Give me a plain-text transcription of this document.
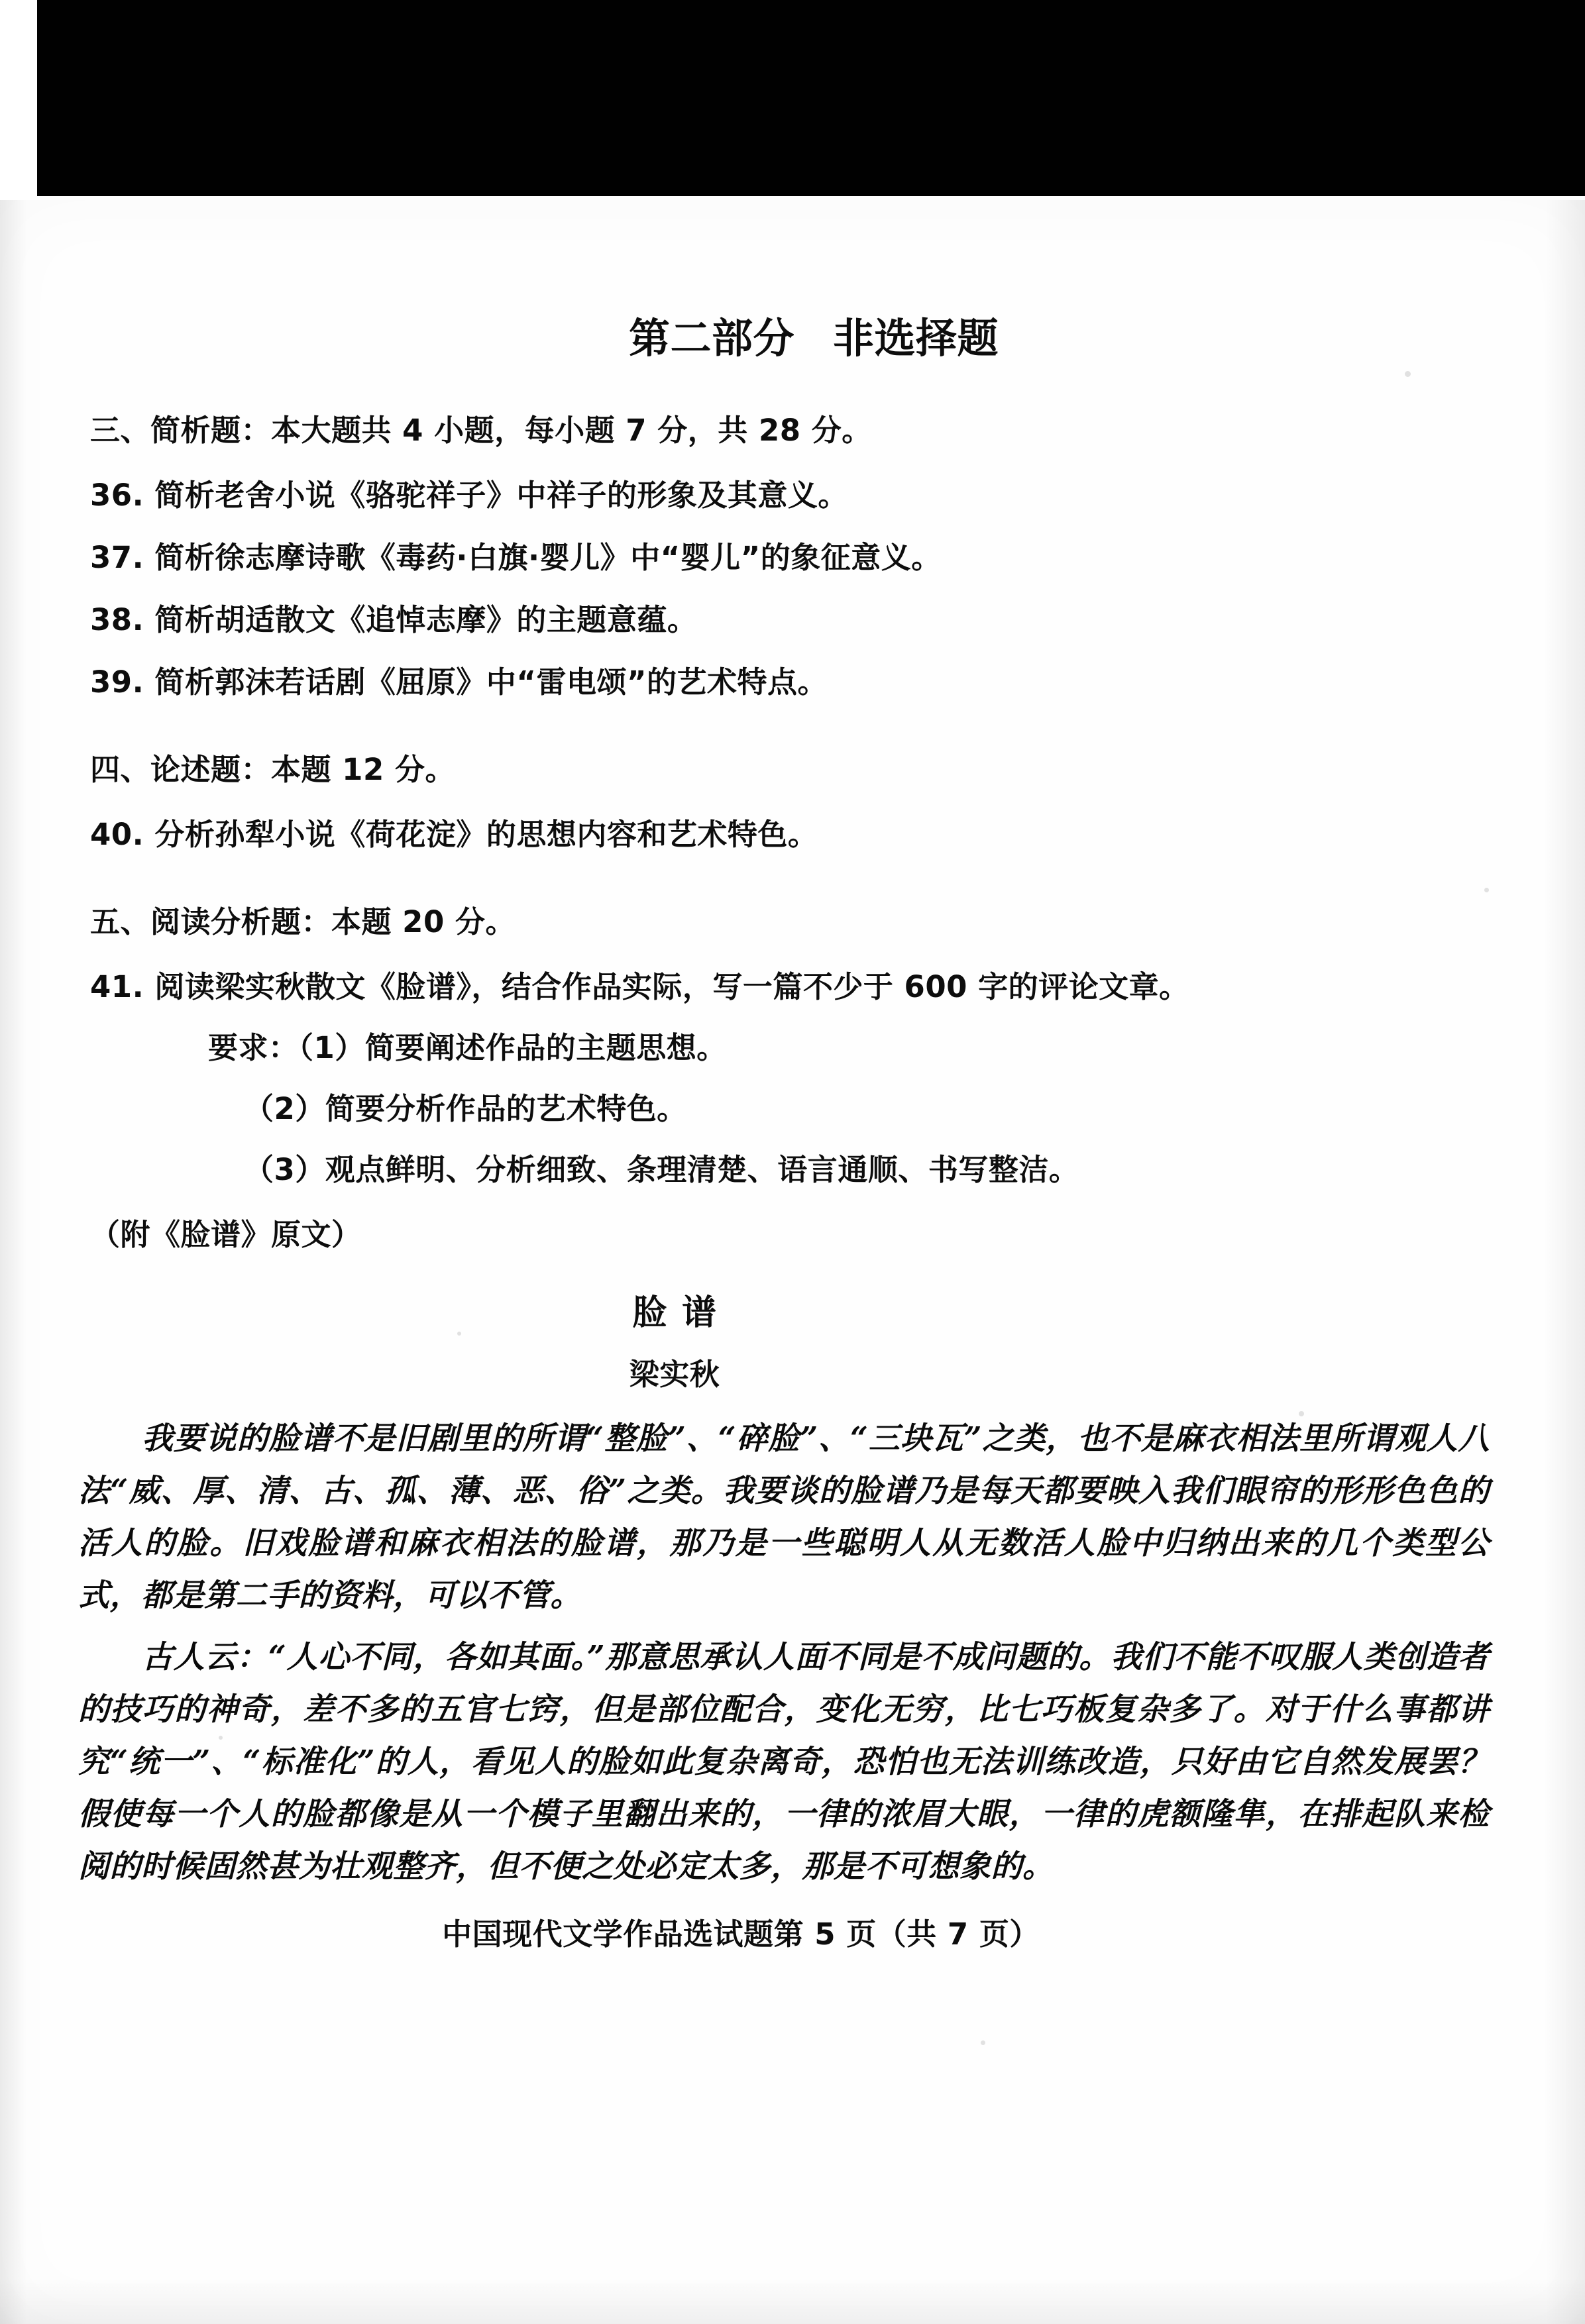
第二部分 非选择题
三、简析题：本大题共 4 小题，每小题 7 分，共 28 分。
36. 简析老舍小说《骆驼祥子》中祥子的形象及其意义。
37. 简析徐志摩诗歌《毒药·白旗·婴儿》中“婴儿”的象征意义。
38. 简析胡适散文《追悼志摩》的主题意蕴。
39. 简析郭沫若话剧《屈原》中“雷电颂”的艺术特点。
四、论述题：本题 12 分。
40. 分析孙犁小说《荷花淀》的思想内容和艺术特色。
五、阅读分析题：本题 20 分。
41. 阅读梁实秋散文《脸谱》，结合作品实际，写一篇不少于 600 字的评论文章。
要求：（1）简要阐述作品的主题思想。
（2）简要分析作品的艺术特色。
（3）观点鲜明、分析细致、条理清楚、语言通顺、书写整洁。
（附《脸谱》原文）
脸 谱
梁实秋
我要说的脸谱不是旧剧里的所谓“整脸”、“碎脸”、“三块瓦”之类，也不是麻衣相法里所谓观人八法“威、厚、清、古、孤、薄、恶、俗”之类。我要谈的脸谱乃是每天都要映入我们眼帘的形形色色的活人的脸。旧戏脸谱和麻衣相法的脸谱，那乃是一些聪明人从无数活人脸中归纳出来的几个类型公式，都是第二手的资料，可以不管。
古人云：“人心不同，各如其面。”那意思承认人面不同是不成问题的。我们不能不叹服人类创造者的技巧的神奇，差不多的五官七窍，但是部位配合，变化无穷，比七巧板复杂多了。对于什么事都讲究“统一”、“标准化”的人，看见人的脸如此复杂离奇，恐怕也无法训练改造，只好由它自然发展罢？假使每一个人的脸都像是从一个模子里翻出来的，一律的浓眉大眼，一律的虎额隆隼，在排起队来检阅的时候固然甚为壮观整齐，但不便之处必定太多，那是不可想象的。
中国现代文学作品选试题第 5 页（共 7 页）
